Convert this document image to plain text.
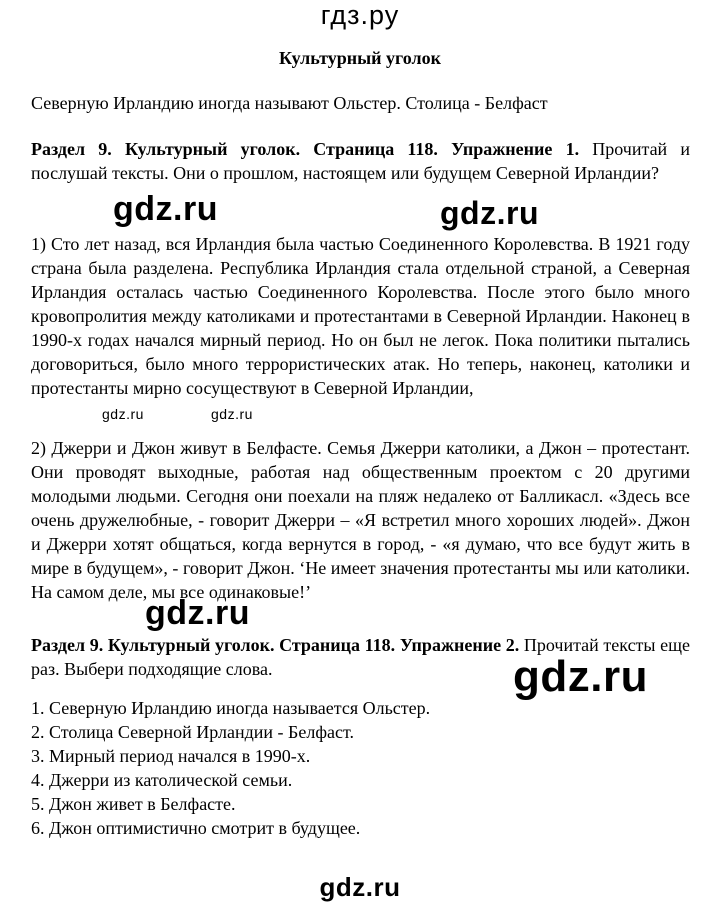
гдз.ру
Культурный уголок
Северную Ирландию иногда называют Ольстер. Столица - Белфаст
Раздел 9. Культурный уголок. Страница 118. Упражнение 1. Прочитай и послушай тексты. Они о прошлом, настоящем или будущем Северной Ирландии?
gdz.ru	gdz.ru
1) Сто лет назад, вся Ирландия была частью Соединенного Королевства. В 1921 году страна была разделена. Республика Ирландия стала отдельной страной, а Северная Ирландия осталась частью Соединенного Королевства. После этого было много кровопролития между католиками и протестантами в Северной Ирландии. Наконец в 1990-х годах начался мирный период. Но он был не легок. Пока политики пытались договориться, было много террористических атак. Но теперь, наконец, католики и протестанты мирно сосуществуют в Северной Ирландии,
gdz.ru	gdz.ru
2) Джерри и Джон живут в Белфасте. Семья Джерри католики, а Джон – протестант. Они проводят выходные, работая над общественным проектом с 20 другими молодыми людьми. Сегодня они поехали на пляж недалеко от Балликасл. «Здесь все очень дружелюбные, - говорит Джерри – «Я встретил много хороших людей». Джон и Джерри хотят общаться, когда вернутся в город, - «я думаю, что все будут жить в мире в будущем», - говорит Джон. ‘Не имеет значения протестанты мы или католики. На самом деле, мы все одинаковые!’
gdz.ru
Раздел 9. Культурный уголок. Страница 118. Упражнение 2. Прочитай тексты еще раз. Выбери подходящие слова.	gdz.ru
1. Северную Ирландию иногда называется Ольстер.
2. Столица Северной Ирландии - Белфаст.
3. Мирный период начался в 1990-х.
4. Джерри из католической семьи.
5. Джон живет в Белфасте.
6. Джон оптимистично смотрит в будущее.
gdz.ru
